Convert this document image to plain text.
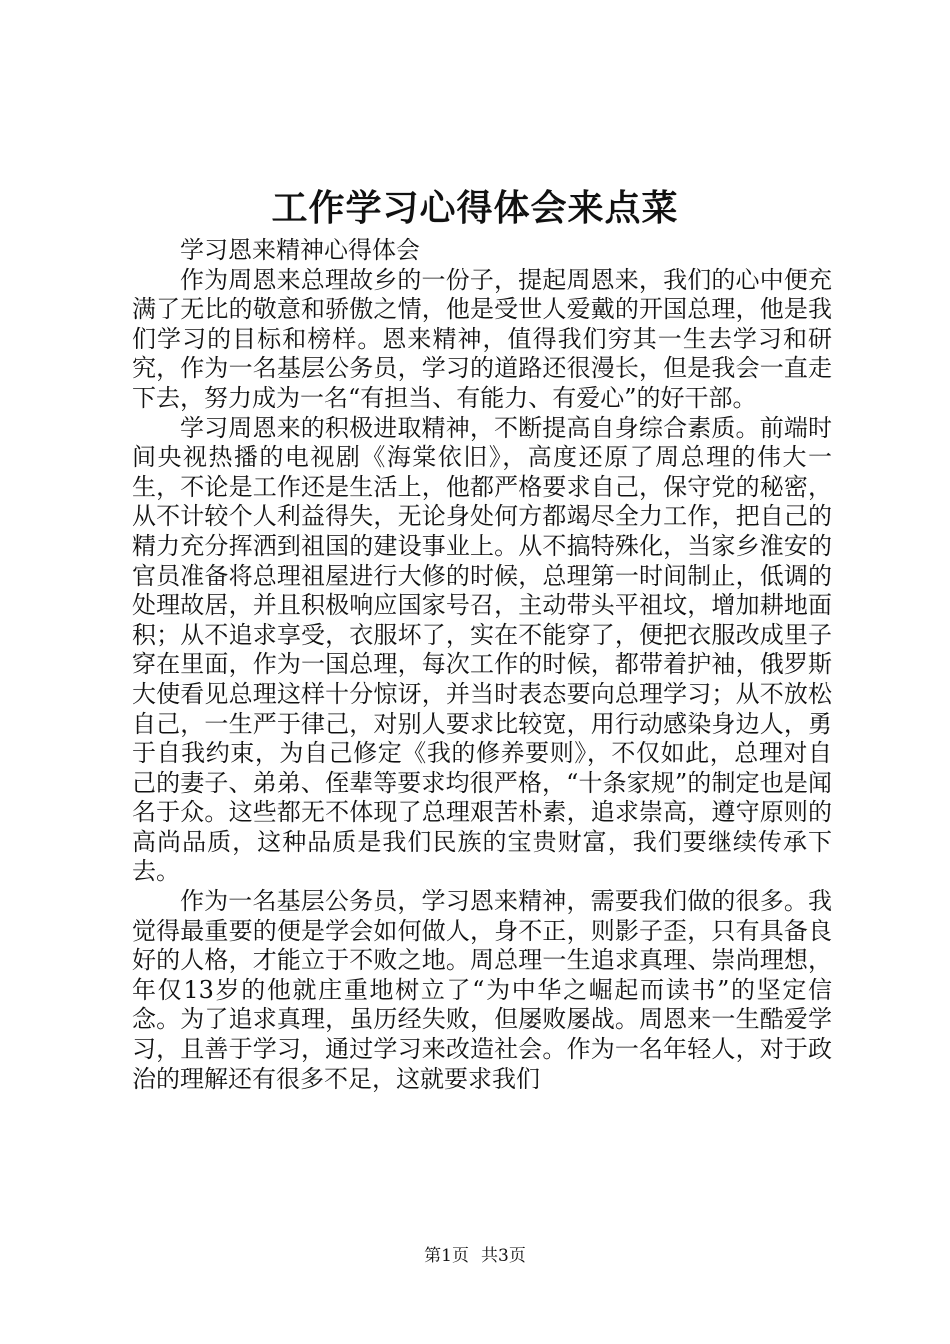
工作学习心得体会来点菜

学习恩来精神心得体会

作为周恩来总理故乡的一份子，提起周恩来，我们的心中便充满了无比的敬意和骄傲之情，他是受世人爱戴的开国总理，他是我们学习的目标和榜样。恩来精神，值得我们穷其一生去学习和研究，作为一名基层公务员，学习的道路还很漫长，但是我会一直走下去，努力成为一名“有担当、有能力、有爱心”的好干部。

学习周恩来的积极进取精神，不断提高自身综合素质。前端时间央视热播的电视剧《海棠依旧》，高度还原了周总理的伟大一生，不论是工作还是生活上，他都严格要求自己，保守党的秘密，从不计较个人利益得失，无论身处何方都竭尽全力工作，把自己的精力充分挥洒到祖国的建设事业上。从不搞特殊化，当家乡淮安的官员准备将总理祖屋进行大修的时候，总理第一时间制止，低调的处理故居，并且积极响应国家号召，主动带头平祖坟，增加耕地面积；从不追求享受，衣服坏了，实在不能穿了，便把衣服改成里子穿在里面，作为一国总理，每次工作的时候，都带着护袖，俄罗斯大使看见总理这样十分惊讶，并当时表态要向总理学习；从不放松自己，一生严于律己，对别人要求比较宽，用行动感染身边人，勇于自我约束，为自己修定《我的修养要则》，不仅如此，总理对自己的妻子、弟弟、侄辈等要求均很严格，“十条家规”的制定也是闻名于众。这些都无不体现了总理艰苦朴素，追求崇高，遵守原则的高尚品质，这种品质是我们民族的宝贵财富，我们要继续传承下去。

作为一名基层公务员，学习恩来精神，需要我们做的很多。我觉得最重要的便是学会如何做人，身不正，则影子歪，只有具备良好的人格，才能立于不败之地。周总理一生追求真理、崇尚理想，年仅13岁的他就庄重地树立了“为中华之崛起而读书”的坚定信念。为了追求真理，虽历经失败，但屡败屡战。周恩来一生酷爱学习，且善于学习，通过学习来改造社会。作为一名年轻人，对于政治的理解还有很多不足，这就要求我们

第1页 共3页
